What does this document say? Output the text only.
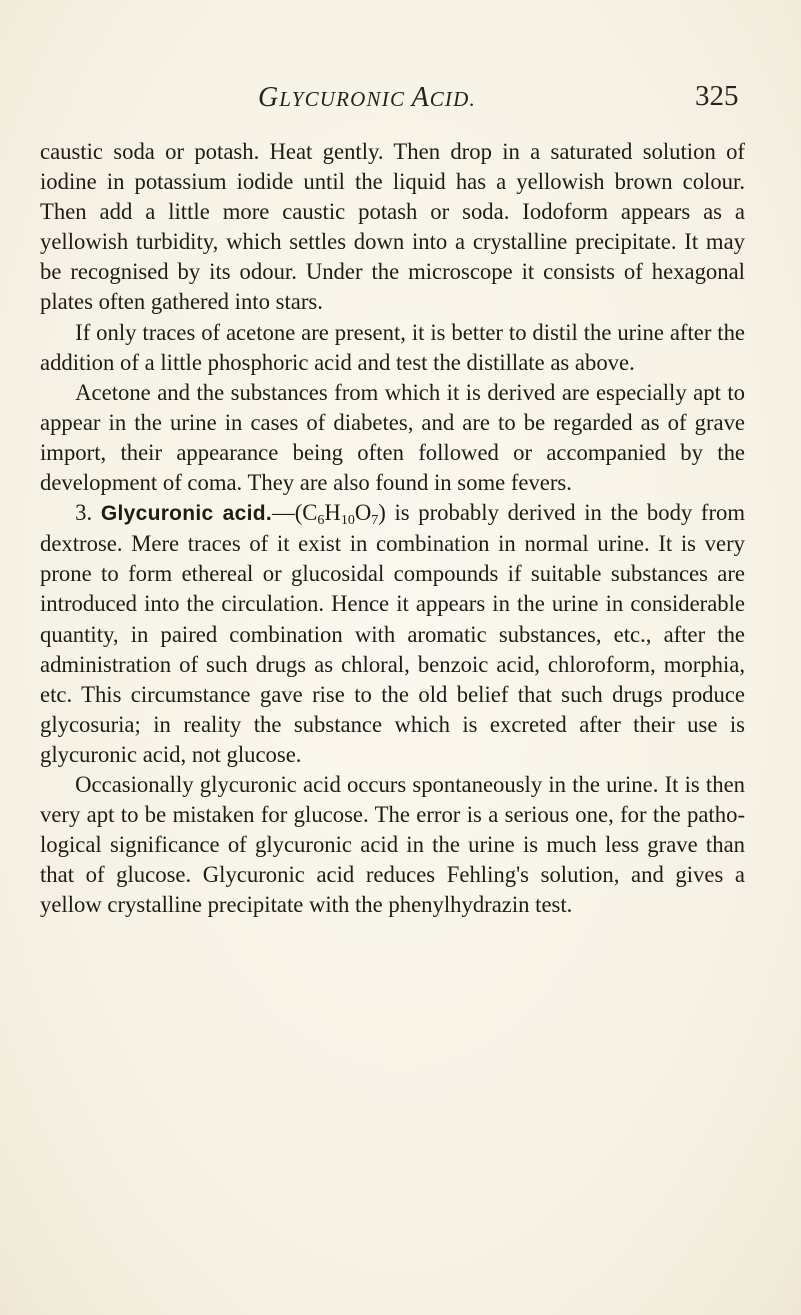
GLYCURONIC ACID.	325

caustic soda or potash. Heat gently. Then drop in a saturated solution of iodine in potassium iodide until the liquid has a yellowish brown colour. Then add a little more caustic potash or soda. Iodoform appears as a yellowish turbidity, which settles down into a crystalline precipitate. It may be recognised by its odour. Under the microscope it consists of hexagonal plates often gathered into stars.

If only traces of acetone are present, it is better to distil the urine after the addition of a little phosphoric acid and test the distillate as above.

Acetone and the substances from which it is derived are especially apt to appear in the urine in cases of diabetes, and are to be regarded as of grave import, their appearance being often followed or accompanied by the development of coma. They are also found in some fevers.

3. Glycuronic $acid.—(C_6H_{10}O_7)$ is probably derived in the body from dextrose. Mere traces of it exist in combination in normal urine. It is very prone to form ethereal or glucosidal compounds if suitable substances are introduced into the circulation. Hence it appears in the urine in considerable quantity, in paired combination with aromatic substances, etc., after the administration of such drugs as chloral, benzoic acid, chloroform, morphia, etc. This circumstance gave rise to the old belief that such drugs produce glycosuria; in reality the substance which is excreted after their use is glycuronic acid, not glucose.

Occasionally glycuronic acid occurs spontaneously in the urine. It is then very apt to be mistaken for glucose. The error is a serious one, for the pathological significance of glycuronic acid in the urine is much less grave than that of glucose. Glycuronic acid reduces Fehling's solution, and gives a yellow crystalline precipitate with the phenylhydrazin test.
